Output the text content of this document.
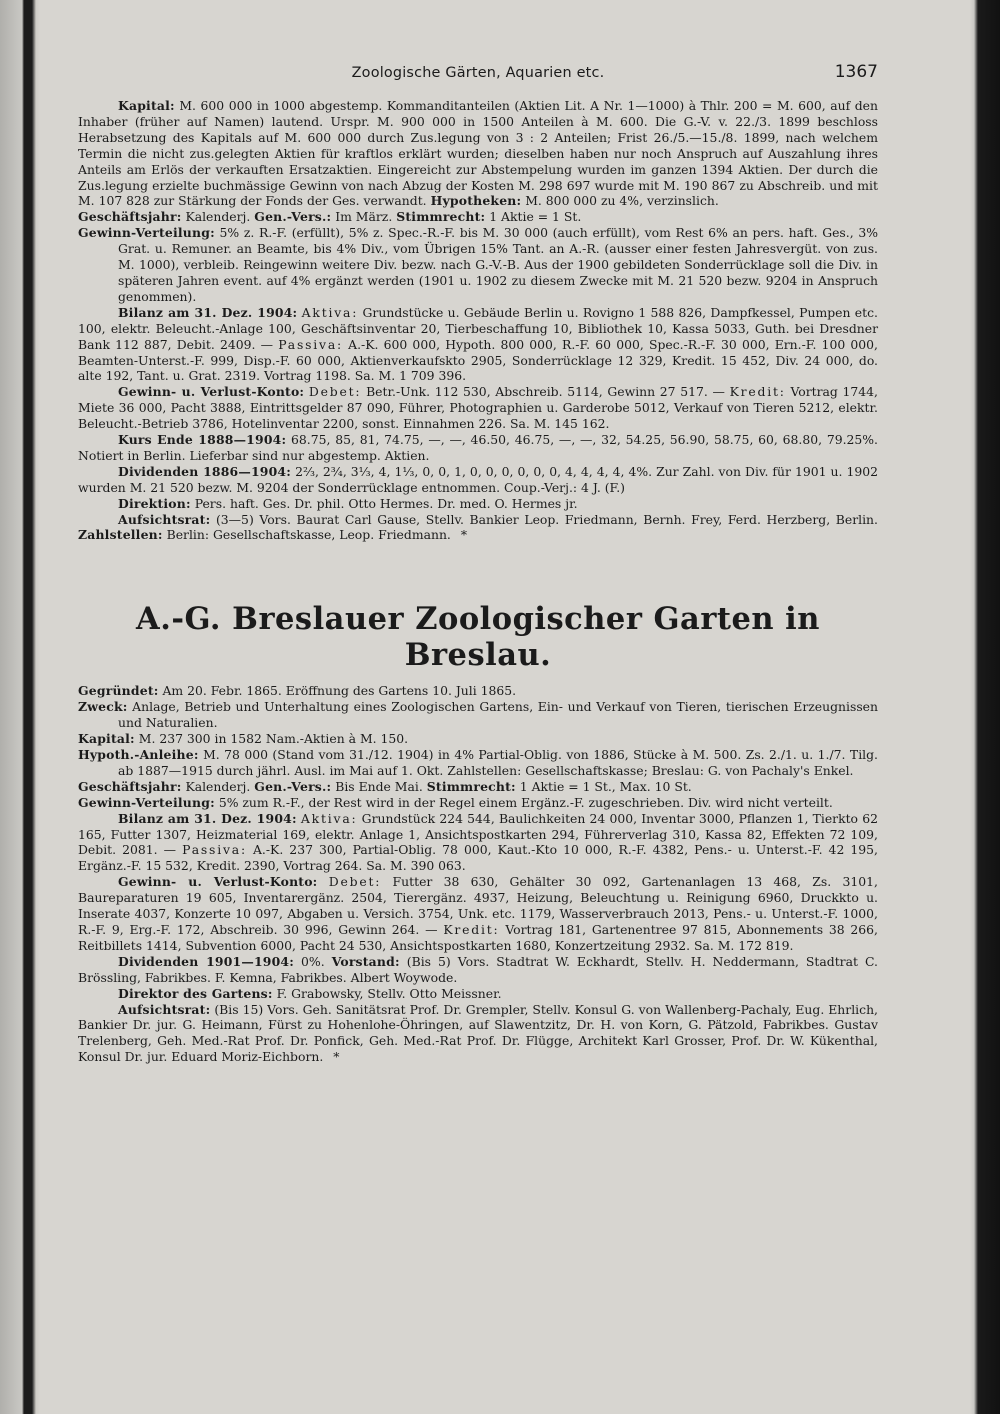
Zoologische Gärten, Aquarien etc.	1367

Kapital: M. 600 000 in 1000 abgestemp. Kommanditanteilen (Aktien Lit. A Nr. 1—1000) à Thlr. 200 = M. 600, auf den Inhaber (früher auf Namen) lautend. Urspr. M. 900 000 in 1500 Anteilen à M. 600. Die G.-V. v. 22./3. 1899 beschloss Herabsetzung des Kapitals auf M. 600 000 durch Zus.legung von 3 : 2 Anteilen; Frist 26./5.—15./8. 1899, nach welchem Termin die nicht zus.gelegten Aktien für kraftlos erklärt wurden; dieselben haben nur noch Anspruch auf Auszahlung ihres Anteils am Erlös der verkauften Ersatzaktien. Eingereicht zur Abstempelung wurden im ganzen 1394 Aktien. Der durch die Zus.legung erzielte buchmässige Gewinn von nach Abzug der Kosten M. 298 697 wurde mit M. 190 867 zu Abschreib. und mit M. 107 828 zur Stärkung der Fonds der Ges. verwandt. Hypotheken: M. 800 000 zu 4%, verzinslich.

Geschäftsjahr: Kalenderj. Gen.-Vers.: Im März. Stimmrecht: 1 Aktie = 1 St.

Gewinn-Verteilung: 5% z. R.-F. (erfüllt), 5% z. Spec.-R.-F. bis M. 30 000 (auch erfüllt), vom Rest 6% an pers. haft. Ges., 3% Grat. u. Remuner. an Beamte, bis 4% Div., vom Übrigen 15% Tant. an A.-R. (ausser einer festen Jahresvergüt. von zus. M. 1000), verbleib. Reingewinn weitere Div. bezw. nach G.-V.-B. Aus der 1900 gebildeten Sonderrücklage soll die Div. in späteren Jahren event. auf 4% ergänzt werden (1901 u. 1902 zu diesem Zwecke mit M. 21 520 bezw. 9204 in Anspruch genommen).

Bilanz am 31. Dez. 1904: Aktiva: Grundstücke u. Gebäude Berlin u. Rovigno 1 588 826, Dampfkessel, Pumpen etc. 100, elektr. Beleucht.-Anlage 100, Geschäftsinventar 20, Tierbeschaffung 10, Bibliothek 10, Kassa 5033, Guth. bei Dresdner Bank 112 887, Debit. 2409. — Passiva: A.-K. 600 000, Hypoth. 800 000, R.-F. 60 000, Spec.-R.-F. 30 000, Ern.-F. 100 000, Beamten-Unterst.-F. 999, Disp.-F. 60 000, Aktienverkaufskto 2905, Sonderrücklage 12 329, Kredit. 15 452, Div. 24 000, do. alte 192, Tant. u. Grat. 2319. Vortrag 1198. Sa. M. 1 709 396.

Gewinn- u. Verlust-Konto: Debet: Betr.-Unk. 112 530, Abschreib. 5114, Gewinn 27 517. — Kredit: Vortrag 1744, Miete 36 000, Pacht 3888, Eintrittsgelder 87 090, Führer, Photographien u. Garderobe 5012, Verkauf von Tieren 5212, elektr. Beleucht.-Betrieb 3786, Hotelinventar 2200, sonst. Einnahmen 226. Sa. M. 145 162.

Kurs Ende 1888—1904: 68.75, 85, 81, 74.75, —, —, 46.50, 46.75, —, —, 32, 54.25, 56.90, 58.75, 60, 68.80, 79.25%. Notiert in Berlin. Lieferbar sind nur abgestemp. Aktien.

Dividenden 1886—1904: 2⅔, 2¾, 3⅓, 4, 1⅓, 0, 0, 1, 0, 0, 0, 0, 0, 0, 4, 4, 4, 4, 4%. Zur Zahl. von Div. für 1901 u. 1902 wurden M. 21 520 bezw. M. 9204 der Sonderrücklage entnommen. Coup.-Verj.: 4 J. (F.)

Direktion: Pers. haft. Ges. Dr. phil. Otto Hermes. Dr. med. O. Hermes jr.

Aufsichtsrat: (3—5) Vors. Baurat Carl Gause, Stellv. Bankier Leop. Friedmann, Bernh. Frey, Ferd. Herzberg, Berlin. Zahlstellen: Berlin: Gesellschaftskasse, Leop. Friedmann. *

A.-G. Breslauer Zoologischer Garten in Breslau.

Gegründet: Am 20. Febr. 1865. Eröffnung des Gartens 10. Juli 1865.

Zweck: Anlage, Betrieb und Unterhaltung eines Zoologischen Gartens, Ein- und Verkauf von Tieren, tierischen Erzeugnissen und Naturalien.

Kapital: M. 237 300 in 1582 Nam.-Aktien à M. 150.

Hypoth.-Anleihe: M. 78 000 (Stand vom 31./12. 1904) in 4% Partial-Oblig. von 1886, Stücke à M. 500. Zs. 2./1. u. 1./7. Tilg. ab 1887—1915 durch jährl. Ausl. im Mai auf 1. Okt. Zahlstellen: Gesellschaftskasse; Breslau: G. von Pachaly's Enkel.

Geschäftsjahr: Kalenderj. Gen.-Vers.: Bis Ende Mai. Stimmrecht: 1 Aktie = 1 St., Max. 10 St.

Gewinn-Verteilung: 5% zum R.-F., der Rest wird in der Regel einem Ergänz.-F. zugeschrieben. Div. wird nicht verteilt.

Bilanz am 31. Dez. 1904: Aktiva: Grundstück 224 544, Baulichkeiten 24 000, Inventar 3000, Pflanzen 1, Tierkto 62 165, Futter 1307, Heizmaterial 169, elektr. Anlage 1, Ansichtspostkarten 294, Führerverlag 310, Kassa 82, Effekten 72 109, Debit. 2081. — Passiva: A.-K. 237 300, Partial-Oblig. 78 000, Kaut.-Kto 10 000, R.-F. 4382, Pens.- u. Unterst.-F. 42 195, Ergänz.-F. 15 532, Kredit. 2390, Vortrag 264. Sa. M. 390 063.

Gewinn- u. Verlust-Konto: Debet: Futter 38 630, Gehälter 30 092, Gartenanlagen 13 468, Zs. 3101, Baureparaturen 19 605, Inventarergänz. 2504, Tierergänz. 4937, Heizung, Beleuchtung u. Reinigung 6960, Druckkto u. Inserate 4037, Konzerte 10 097, Abgaben u. Versich. 3754, Unk. etc. 1179, Wasserverbrauch 2013, Pens.- u. Unterst.-F. 1000, R.-F. 9, Erg.-F. 172, Abschreib. 30 996, Gewinn 264. — Kredit: Vortrag 181, Gartenentree 97 815, Abonnements 38 266, Reitbillets 1414, Subvention 6000, Pacht 24 530, Ansichtspostkarten 1680, Konzertzeitung 2932. Sa. M. 172 819.

Dividenden 1901—1904: 0%. Vorstand: (Bis 5) Vors. Stadtrat W. Eckhardt, Stellv. H. Neddermann, Stadtrat C. Brössling, Fabrikbes. F. Kemna, Fabrikbes. Albert Woywode.

Direktor des Gartens: F. Grabowsky, Stellv. Otto Meissner.

Aufsichtsrat: (Bis 15) Vors. Geh. Sanitätsrat Prof. Dr. Grempler, Stellv. Konsul G. von Wallenberg-Pachaly, Eug. Ehrlich, Bankier Dr. jur. G. Heimann, Fürst zu Hohenlohe-Öhringen, auf Slawentzitz, Dr. H. von Korn, G. Pätzold, Fabrikbes. Gustav Trelenberg, Geh. Med.-Rat Prof. Dr. Ponfick, Geh. Med.-Rat Prof. Dr. Flügge, Architekt Karl Grosser, Prof. Dr. W. Kükenthal, Konsul Dr. jur. Eduard Moriz-Eichborn. *
